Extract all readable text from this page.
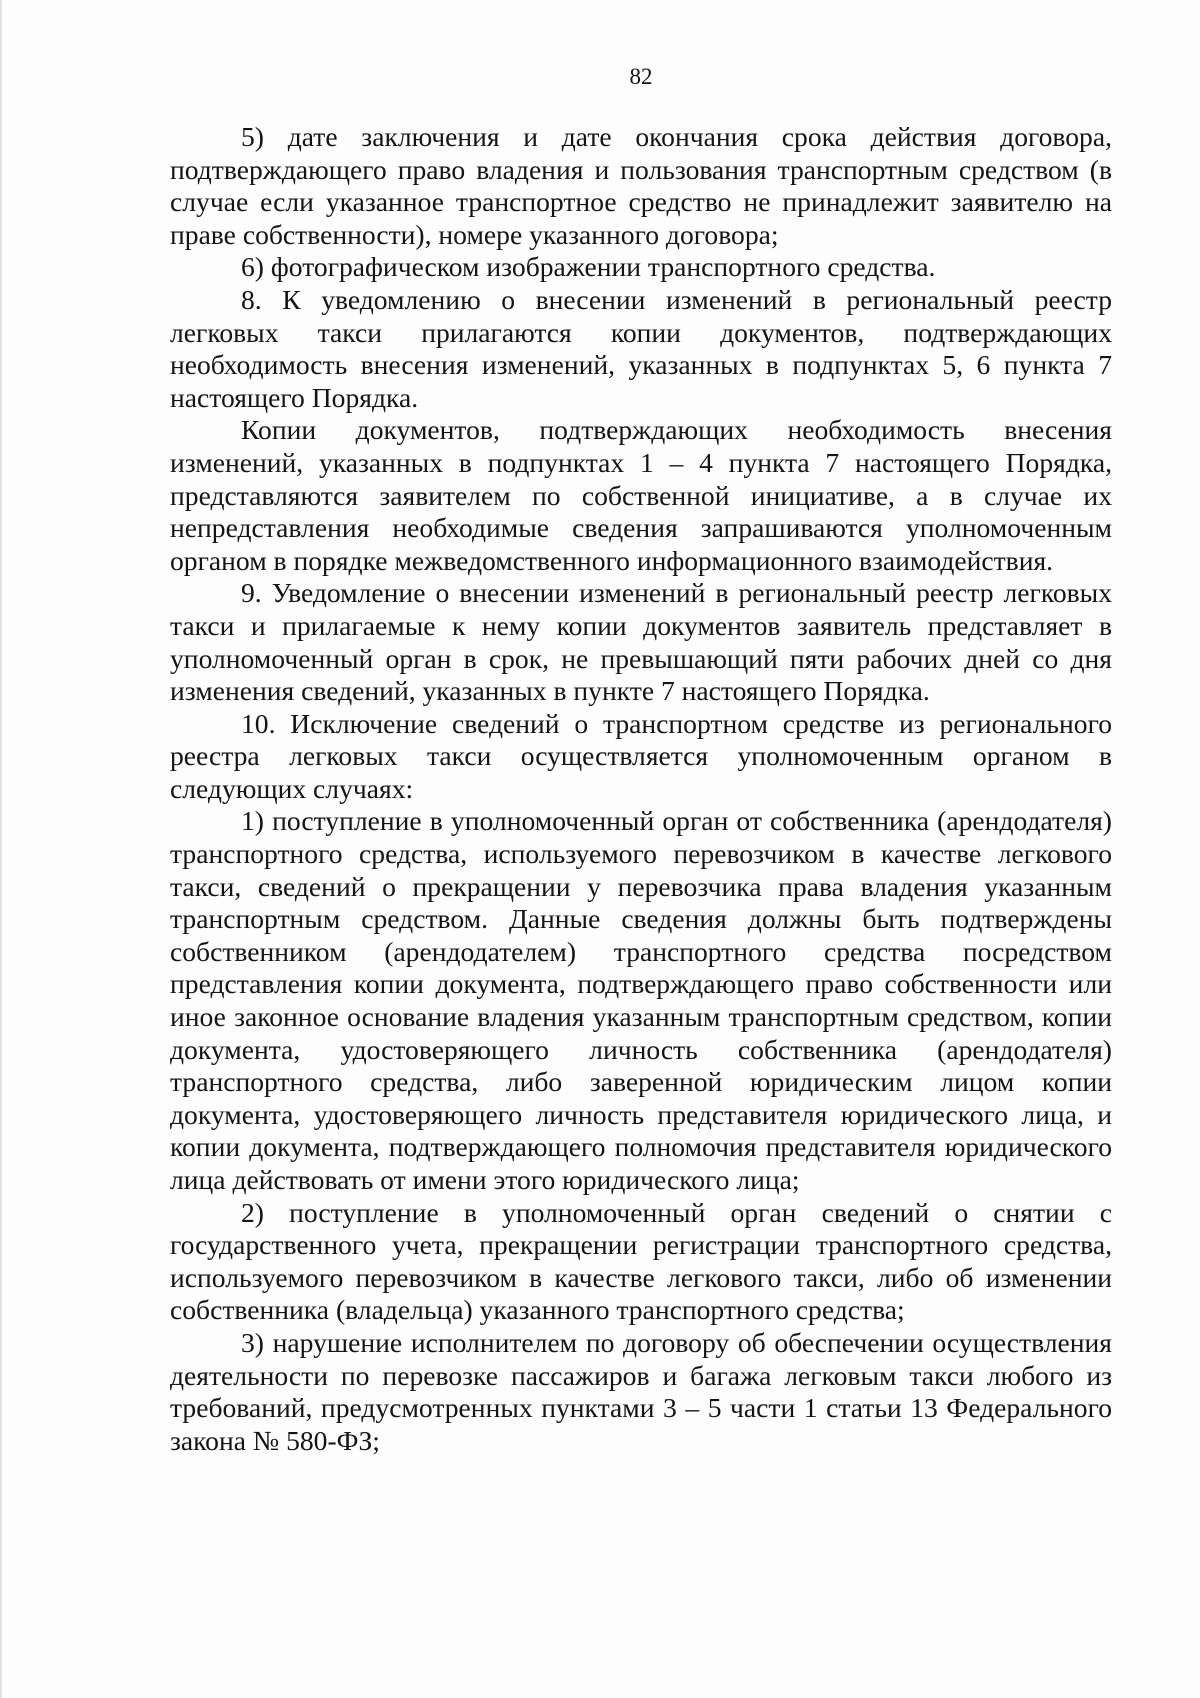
82

5) дате заключения и дате окончания срока действия договора, подтверждающего право владения и пользования транспортным средством (в случае если указанное транспортное средство не принадлежит заявителю на праве собственности), номере указанного договора;

6) фотографическом изображении транспортного средства.

8. К уведомлению о внесении изменений в региональный реестр легковых такси прилагаются копии документов, подтверждающих необходимость внесения изменений, указанных в подпунктах 5, 6 пункта 7 настоящего Порядка.

Копии документов, подтверждающих необходимость внесения изменений, указанных в подпунктах 1 – 4 пункта 7 настоящего Порядка, представляются заявителем по собственной инициативе, а в случае их непредставления необходимые сведения запрашиваются уполномоченным органом в порядке межведомственного информационного взаимодействия.

9. Уведомление о внесении изменений в региональный реестр легковых такси и прилагаемые к нему копии документов заявитель представляет в уполномоченный орган в срок, не превышающий пяти рабочих дней со дня изменения сведений, указанных в пункте 7 настоящего Порядка.

10. Исключение сведений о транспортном средстве из регионального реестра легковых такси осуществляется уполномоченным органом в следующих случаях:

1) поступление в уполномоченный орган от собственника (арендодателя) транспортного средства, используемого перевозчиком в качестве легкового такси, сведений о прекращении у перевозчика права владения указанным транспортным средством. Данные сведения должны быть подтверждены собственником (арендодателем) транспортного средства посредством представления копии документа, подтверждающего право собственности или иное законное основание владения указанным транспортным средством, копии документа, удостоверяющего личность собственника (арендодателя) транспортного средства, либо заверенной юридическим лицом копии документа, удостоверяющего личность представителя юридического лица, и копии документа, подтверждающего полномочия представителя юридического лица действовать от имени этого юридического лица;

2) поступление в уполномоченный орган сведений о снятии с государственного учета, прекращении регистрации транспортного средства, используемого перевозчиком в качестве легкового такси, либо об изменении собственника (владельца) указанного транспортного средства;

3) нарушение исполнителем по договору об обеспечении осуществления деятельности по перевозке пассажиров и багажа легковым такси любого из требований, предусмотренных пунктами 3 – 5 части 1 статьи 13 Федерального закона № 580-ФЗ;
